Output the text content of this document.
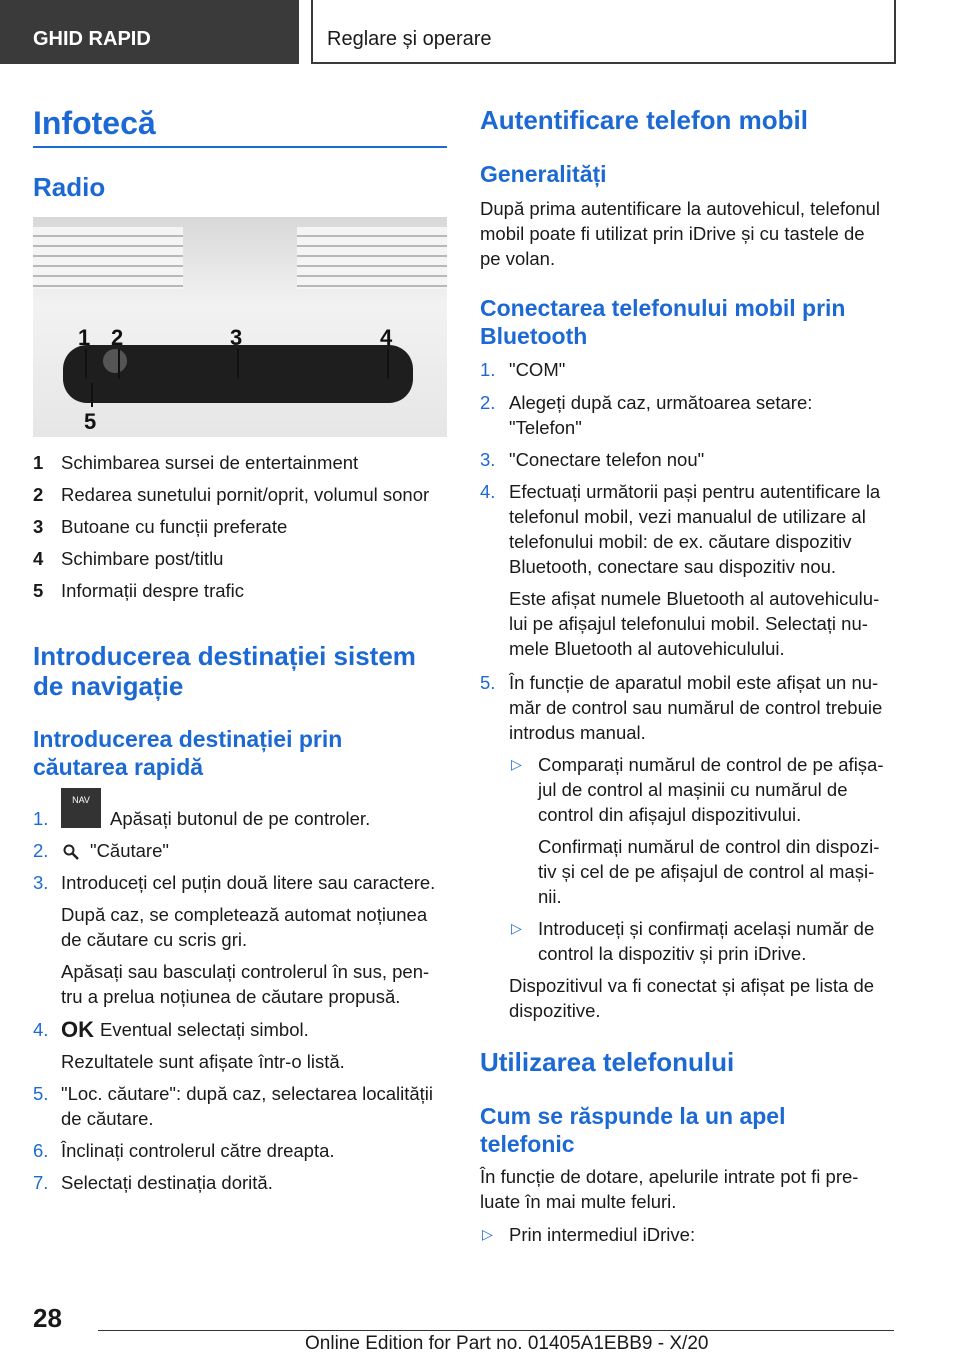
GHID RAPID	Reglare și operare
Infotecă
Radio
1 2	3	4
5
1 Schimbarea sursei de entertainment
2 Redarea sunetului pornit/oprit, volumul sonor
3 Butoane cu funcții preferate
4 Schimbare post/titlu
5 Informații despre trafic
Introducerea destinației sistem
de navigație
Introducerea destinației prin
căutarea rapidă
1.
NAV
Apăsați butonul de pe controler.
2. "Căutare"
3. Introduceți cel puțin două litere sau caractere.
După caz, se completează automat noțiunea
de căutare cu scris gri.
Apăsați sau basculați controlerul în sus, pen-
tru a prelua noțiunea de căutare propusă.
4. OK Eventual selectați simbol.
Rezultatele sunt afișate într-o listă.
5. "Loc. căutare": după caz, selectarea localității
de căutare.
6. Înclinați controlerul către dreapta.
7. Selectați destinația dorită.
Autentificare telefon mobil
Generalități
După prima autentificare la autovehicul, telefonul
mobil poate fi utilizat prin iDrive și cu tastele de
pe volan.
Conectarea telefonului mobil prin
Bluetooth
1. "COM"
2. Alegeți după caz, următoarea setare:
"Telefon"
3. "Conectare telefon nou"
4. Efectuați următorii pași pentru autentificare la
telefonul mobil, vezi manualul de utilizare al
telefonului mobil: de ex. căutare dispozitiv
Bluetooth, conectare sau dispozitiv nou.
Este afișat numele Bluetooth al autovehiculu-
lui pe afișajul telefonului mobil. Selectați nu-
mele Bluetooth al autovehiculului.
5. În funcție de aparatul mobil este afișat un nu-
măr de control sau numărul de control trebuie
introdus manual.
▷ Comparați numărul de control de pe afișa-
jul de control al mașinii cu numărul de
control din afișajul dispozitivului.
Confirmați numărul de control din dispozi-
tiv și cel de pe afișajul de control al mași-
nii.
▷ Introduceți și confirmați același număr de
control la dispozitiv și prin iDrive.
Dispozitivul va fi conectat și afișat pe lista de
dispozitive.
Utilizarea telefonului
Cum se răspunde la un apel
telefonic
În funcție de dotare, apelurile intrate pot fi pre-
luate în mai multe feluri.
▷ Prin intermediul iDrive:
28
Online Edition for Part no. 01405A1EBB9 - X/20
